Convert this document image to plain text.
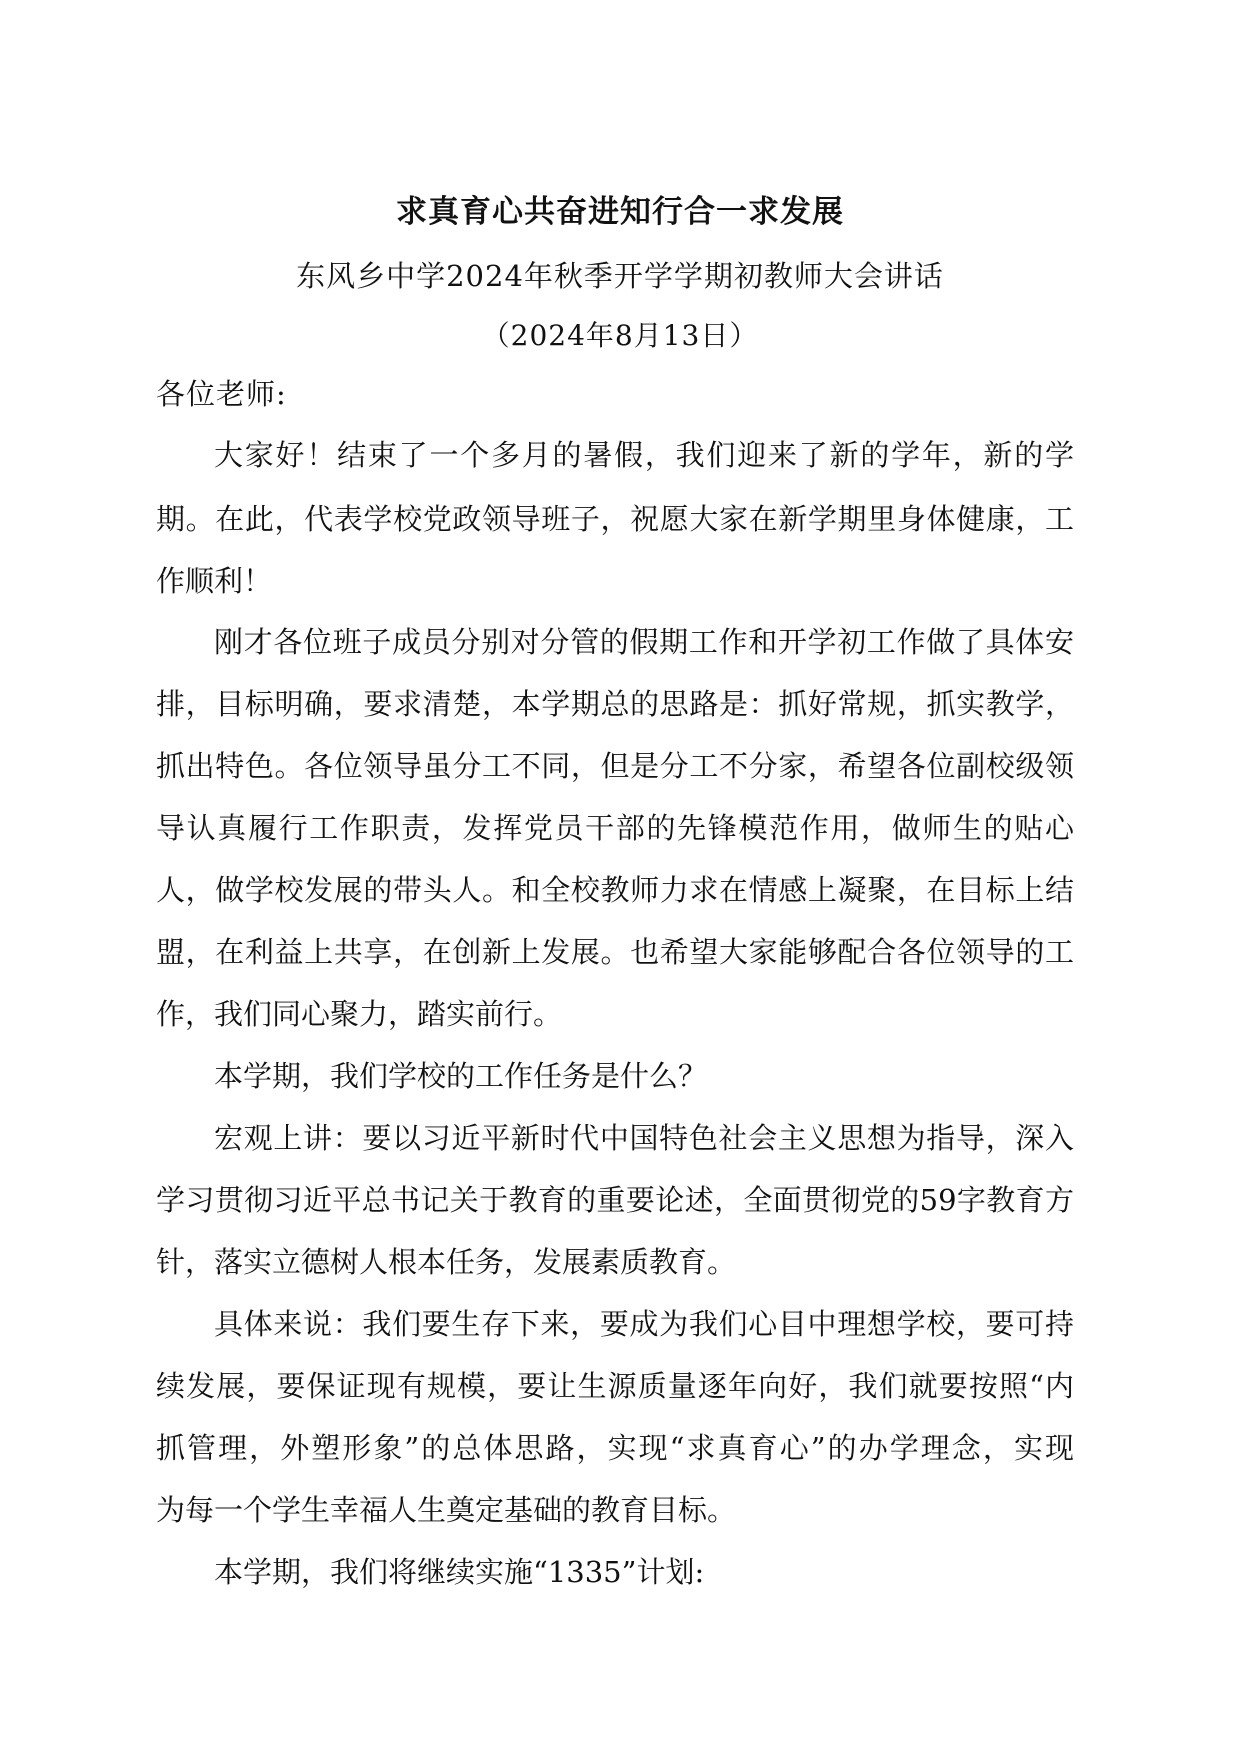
求真育心共奋进知行合一求发展
东风乡中学2024年秋季开学学期初教师大会讲话
（2024年8月13日）
各位老师:
大家好！结束了一个多月的暑假，我们迎来了新的学年，新的学
期。在此，代表学校党政领导班子，祝愿大家在新学期里身体健康，工
作顺利！
刚才各位班子成员分别对分管的假期工作和开学初工作做了具体安
排，目标明确，要求清楚，本学期总的思路是：抓好常规，抓实教学，
抓出特色。各位领导虽分工不同，但是分工不分家，希望各位副校级领
导认真履行工作职责，发挥党员干部的先锋模范作用，做师生的贴心
人，做学校发展的带头人。和全校教师力求在情感上凝聚，在目标上结
盟，在利益上共享，在创新上发展。也希望大家能够配合各位领导的工
作，我们同心聚力，踏实前行。
本学期，我们学校的工作任务是什么？
宏观上讲：要以习近平新时代中国特色社会主义思想为指导，深入
学习贯彻习近平总书记关于教育的重要论述，全面贯彻党的59字教育方
针，落实立德树人根本任务，发展素质教育。
具体来说：我们要生存下来，要成为我们心目中理想学校，要可持
续发展，要保证现有规模，要让生源质量逐年向好，我们就要按照“内
抓管理，外塑形象”的总体思路，实现“求真育心”的办学理念，实现
为每一个学生幸福人生奠定基础的教育目标。
本学期，我们将继续实施“1335”计划:
